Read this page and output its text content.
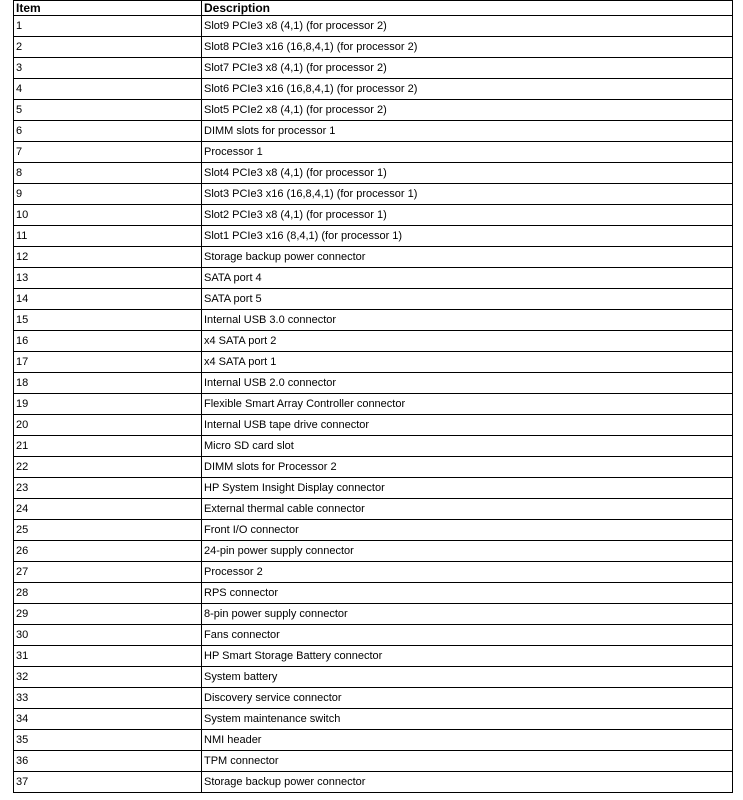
Item	Description
1	Slot9 PCIe3 x8 (4,1) (for processor 2)
2	Slot8 PCIe3 x16 (16,8,4,1) (for processor 2)
3	Slot7 PCIe3 x8 (4,1) (for processor 2)
4	Slot6 PCIe3 x16 (16,8,4,1) (for processor 2)
5	Slot5 PCIe2 x8 (4,1) (for processor 2)
6	DIMM slots for processor 1
7	Processor 1
8	Slot4 PCIe3 x8 (4,1) (for processor 1)
9	Slot3 PCIe3 x16 (16,8,4,1) (for processor 1)
10	Slot2 PCIe3 x8 (4,1) (for processor 1)
11	Slot1 PCIe3 x16 (8,4,1) (for processor 1)
12	Storage backup power connector
13	SATA port 4
14	SATA port 5
15	Internal USB 3.0 connector
16	x4 SATA port 2
17	x4 SATA port 1
18	Internal USB 2.0 connector
19	Flexible Smart Array Controller connector
20	Internal USB tape drive connector
21	Micro SD card slot
22	DIMM slots for Processor 2
23	HP System Insight Display connector
24	External thermal cable connector
25	Front I/O connector
26	24-pin power supply connector
27	Processor 2
28	RPS connector
29	8-pin power supply connector
30	Fans connector
31	HP Smart Storage Battery connector
32	System battery
33	Discovery service connector
34	System maintenance switch
35	NMI header
36	TPM connector
37	Storage backup power connector
